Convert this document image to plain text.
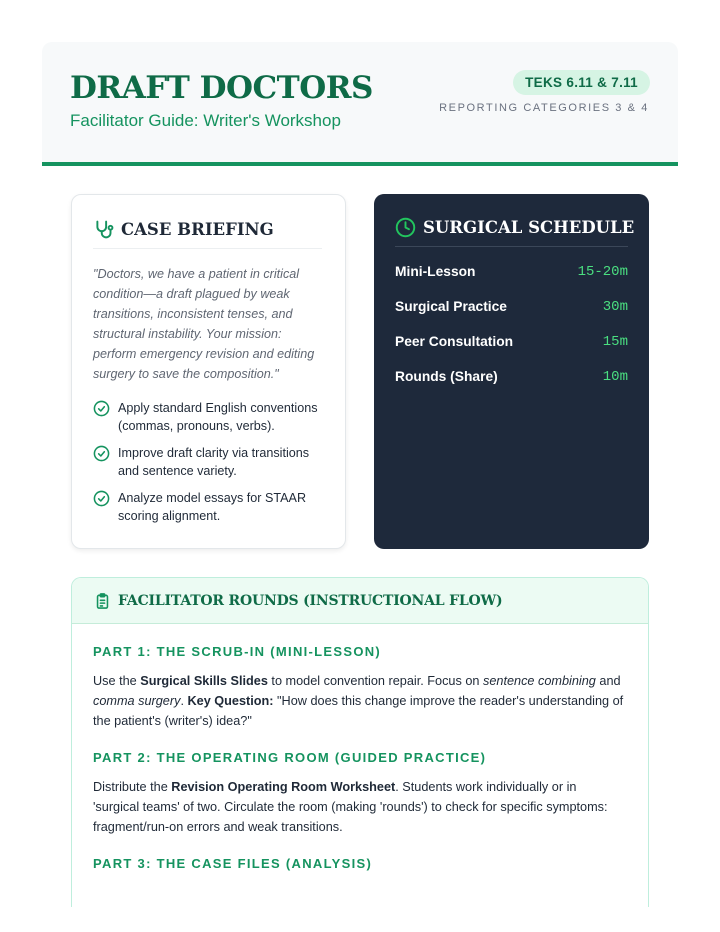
DRAFT DOCTORS
Facilitator Guide: Writer's Workshop
TEKS 6.11 & 7.11
REPORTING CATEGORIES 3 & 4
CASE BRIEFING
"Doctors, we have a patient in critical condition—a draft plagued by weak transitions, inconsistent tenses, and structural instability. Your mission: perform emergency revision and editing surgery to save the composition."
Apply standard English conventions (commas, pronouns, verbs).
Improve draft clarity via transitions and sentence variety.
Analyze model essays for STAAR scoring alignment.
SURGICAL SCHEDULE
Mini-Lesson	15-20m
Surgical Practice	30m
Peer Consultation	15m
Rounds (Share)	10m
FACILITATOR ROUNDS (INSTRUCTIONAL FLOW)
PART 1: THE SCRUB-IN (MINI-LESSON)
Use the Surgical Skills Slides to model convention repair. Focus on sentence combining and comma surgery. Key Question: "How does this change improve the reader's understanding of the patient's (writer's) idea?"
PART 2: THE OPERATING ROOM (GUIDED PRACTICE)
Distribute the Revision Operating Room Worksheet. Students work individually or in 'surgical teams' of two. Circulate the room (making 'rounds') to check for specific symptoms: fragment/run-on errors and weak transitions.
PART 3: THE CASE FILES (ANALYSIS)
